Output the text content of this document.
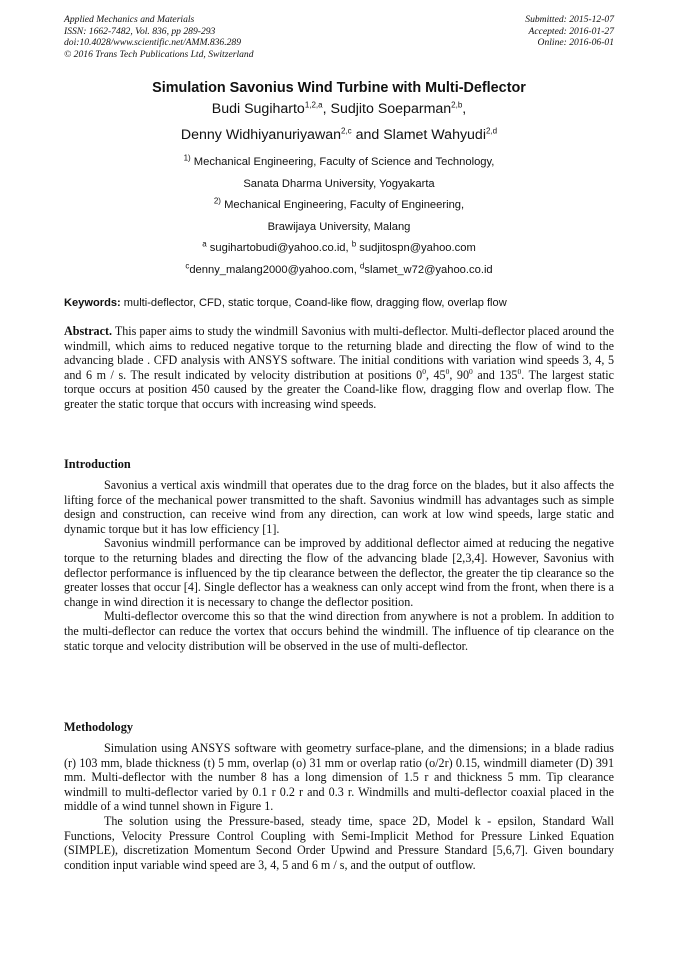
Applied Mechanics and Materials
ISSN: 1662-7482, Vol. 836, pp 289-293
doi:10.4028/www.scientific.net/AMM.836.289
© 2016 Trans Tech Publications Ltd, Switzerland
Submitted: 2015-12-07
Accepted: 2016-01-27
Online: 2016-06-01
Simulation Savonius Wind Turbine with Multi-Deflector
Budi Sugiharto$^{1,2,a}$, Sudjito Soeparman$^{2,b}$,
Denny Widhiyanuriyawan$^{2,c}$ and Slamet Wahyudi$^{2,d}$
$^{1)}$ Mechanical Engineering, Faculty of Science and Technology,
Sanata Dharma University, Yogyakarta
$^{2)}$ Mechanical Engineering, Faculty of Engineering,
Brawijaya University, Malang
$^a$ sugihartobudi@yahoo.co.id, $^b$ sudjitospn@yahoo.com
$^c$denny_malang2000@yahoo.com, $^d$slamet_w72@yahoo.co.id
Keywords: multi-deflector, CFD, static torque, Coand-like flow, dragging flow, overlap flow

Abstract. This paper aims to study the windmill Savonius with multi-deflector. Multi-deflector placed around the windmill, which aims to reduced negative torque to the returning blade and directing the flow of wind to the advancing blade . CFD analysis with ANSYS software. The initial conditions with variation wind speeds 3, 4, 5 and 6 m / s. The result indicated by velocity distribution at positions $0^0$, $45^0$, $90^0$ and $135^0$. The largest static torque occurs at position 450 caused by the greater the Coand-like flow, dragging flow and overlap flow. The greater the static torque that occurs with increasing wind speeds.

Introduction

Savonius a vertical axis windmill that operates due to the drag force on the blades, but it also affects the lifting force of the mechanical power transmitted to the shaft. Savonius windmill has advantages such as simple design and construction, can receive wind from any direction, can work at low wind speeds, large static and dynamic torque but it has low efficiency [1].

Savonius windmill performance can be improved by additional deflector aimed at reducing the negative torque to the returning blades and directing the flow of the advancing blade [2,3,4]. However, Savonius with deflector performance is influenced by the tip clearance between the deflector, the greater the tip clearance so the greater losses that occur [4]. Single deflector has a weakness can only accept wind from the front, when there is a change in wind direction it is necessary to change the deflector position.

Multi-deflector overcome this so that the wind direction from anywhere is not a problem. In addition to the multi-deflector can reduce the vortex that occurs behind the windmill. The influence of tip clearance on the static torque and velocity distribution will be observed in the use of multi-deflector.

Methodology

Simulation using ANSYS software with geometry surface-plane, and the dimensions; in a blade radius (r) 103 mm, blade thickness (t) 5 mm, overlap (o) 31 mm or overlap ratio (o/2r) 0.15, windmill diameter (D) 391 mm. Multi-deflector with the number 8 has a long dimension of 1.5 r and thickness 5 mm. Tip clearance windmill to multi-deflector varied by 0.1 r 0.2 r and 0.3 r. Windmills and multi-deflector coaxial placed in the middle of a wind tunnel shown in Figure 1.

The solution using the Pressure-based, steady time, space 2D, Model k - epsilon, Standard Wall Functions, Velocity Pressure Control Coupling with Semi-Implicit Method for Pressure Linked Equation (SIMPLE), discretization Momentum Second Order Upwind and Pressure Standard [5,6,7]. Given boundary condition input variable wind speed are 3, 4, 5 and 6 m / s, and the output of outflow.
